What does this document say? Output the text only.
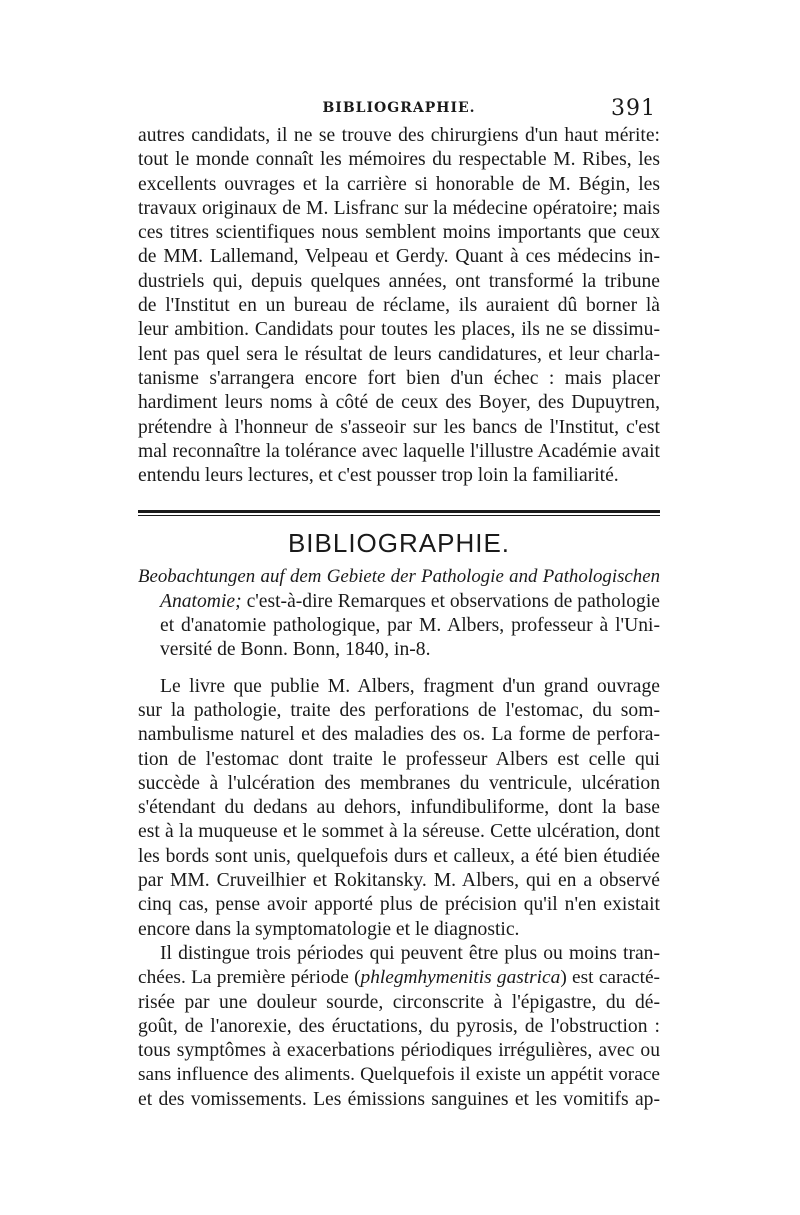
BIBLIOGRAPHIE.	391
autres candidats, il ne se trouve des chirurgiens d'un haut mérite:
tout le monde connaît les mémoires du respectable M. Ribes, les
excellents ouvrages et la carrière si honorable de M. Bégin, les
travaux originaux de M. Lisfranc sur la médecine opératoire; mais
ces titres scientifiques nous semblent moins importants que ceux
de MM. Lallemand, Velpeau et Gerdy. Quant à ces médecins in-
dustriels qui, depuis quelques années, ont transformé la tribune
de l'Institut en un bureau de réclame, ils auraient dû borner là
leur ambition. Candidats pour toutes les places, ils ne se dissimu-
lent pas quel sera le résultat de leurs candidatures, et leur charla-
tanisme s'arrangera encore fort bien d'un échec : mais placer
hardiment leurs noms à côté de ceux des Boyer, des Dupuytren,
prétendre à l'honneur de s'asseoir sur les bancs de l'Institut, c'est
mal reconnaître la tolérance avec laquelle l'illustre Académie avait
entendu leurs lectures, et c'est pousser trop loin la familiarité.
BIBLIOGRAPHIE.
Beobachtungen auf dem Gebiete der Pathologie and Pathologischen
Anatomie; c'est-à-dire Remarques et observations de pathologie
et d'anatomie pathologique, par M. Albers, professeur à l'Uni-
versité de Bonn. Bonn, 1840, in-8.
Le livre que publie M. Albers, fragment d'un grand ouvrage
sur la pathologie, traite des perforations de l'estomac, du som-
nambulisme naturel et des maladies des os. La forme de perfora-
tion de l'estomac dont traite le professeur Albers est celle qui
succède à l'ulcération des membranes du ventricule, ulcération
s'étendant du dedans au dehors, infundibuliforme, dont la base
est à la muqueuse et le sommet à la séreuse. Cette ulcération, dont
les bords sont unis, quelquefois durs et calleux, a été bien étudiée
par MM. Cruveilhier et Rokitansky. M. Albers, qui en a observé
cinq cas, pense avoir apporté plus de précision qu'il n'en existait
encore dans la symptomatologie et le diagnostic.
Il distingue trois périodes qui peuvent être plus ou moins tran-
chées. La première période (phlegmhymenitis gastrica) est caracté-
risée par une douleur sourde, circonscrite à l'épigastre, du dé-
goût, de l'anorexie, des éructations, du pyrosis, de l'obstruction :
tous symptômes à exacerbations périodiques irrégulières, avec ou
sans influence des aliments. Quelquefois il existe un appétit vorace
et des vomissements. Les émissions sanguines et les vomitifs ap-
